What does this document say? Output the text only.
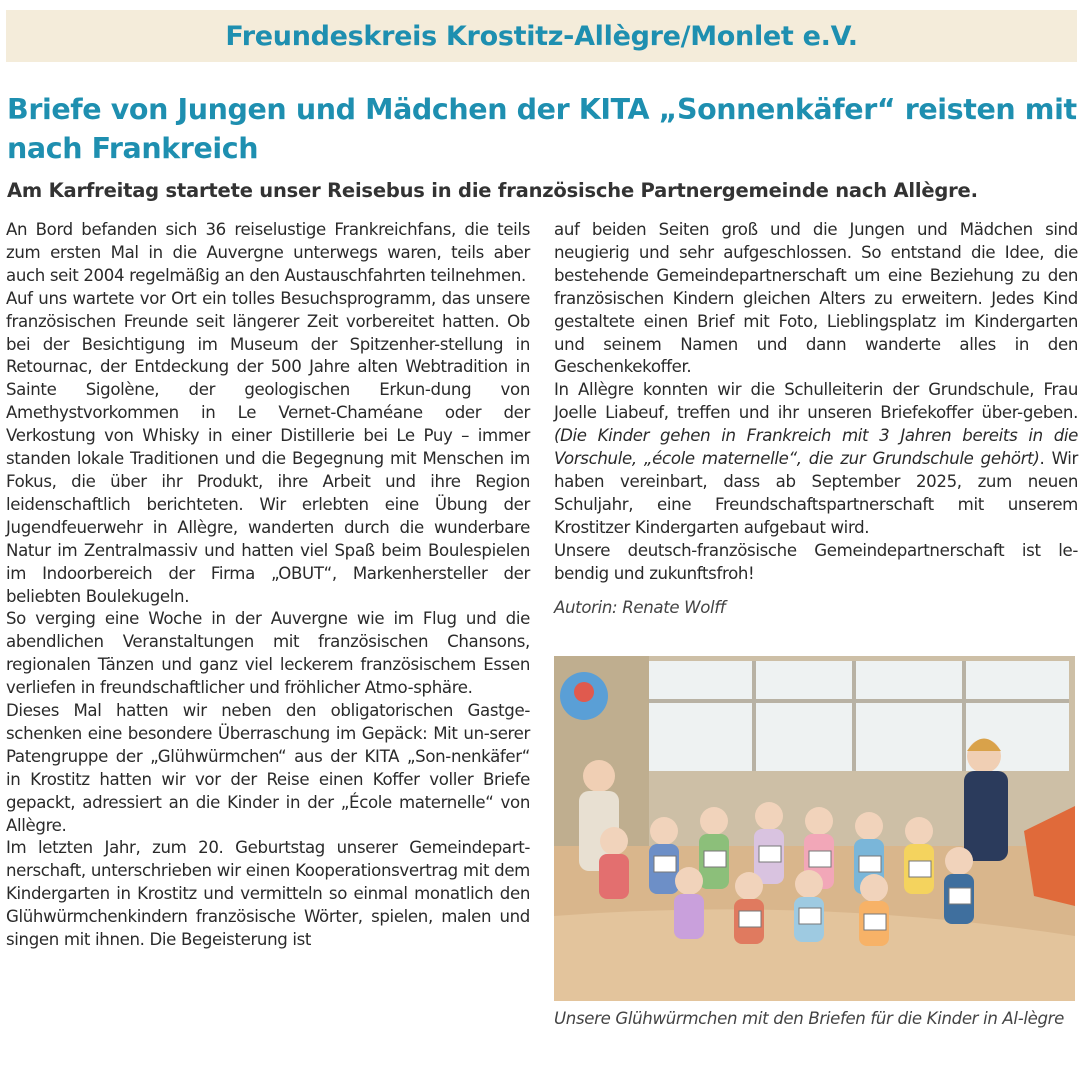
Freundeskreis Krostitz-Allègre/Monlet e.V.
Briefe von Jungen und Mädchen der KITA „Sonnenkäfer“ reisten mit nach Frankreich
Am Karfreitag startete unser Reisebus in die französische Partnergemeinde nach Allègre.

An Bord befanden sich 36 reiselustige Frankreichfans, die teils zum ersten Mal in die Auvergne unterwegs waren, teils aber auch seit 2004 regelmäßig an den Austauschfahrten teilnehmen.

Auf uns wartete vor Ort ein tolles Besuchsprogramm, das unsere französischen Freunde seit längerer Zeit vorbereitet hatten. Ob bei der Besichtigung im Museum der Spitzenher-stellung in Retournac, der Entdeckung der 500 Jahre alten Webtradition in Sainte Sigolène, der geologischen Erkun-dung von Amethystvorkommen in Le Vernet-Chaméane oder der Verkostung von Whisky in einer Distillerie bei Le Puy – immer standen lokale Traditionen und die Begegnung mit Menschen im Fokus, die über ihr Produkt, ihre Arbeit und ihre Region leidenschaftlich berichteten. Wir erlebten eine Übung der Jugendfeuerwehr in Allègre, wanderten durch die wunderbare Natur im Zentralmassiv und hatten viel Spaß beim Boulespielen im Indoorbereich der Firma „OBUT“, Markenhersteller der beliebten Boulekugeln.

So verging eine Woche in der Auvergne wie im Flug und die abendlichen Veranstaltungen mit französischen Chansons, regionalen Tänzen und ganz viel leckerem französischem Essen verliefen in freundschaftlicher und fröhlicher Atmo-sphäre.

Dieses Mal hatten wir neben den obligatorischen Gastge-schenken eine besondere Überraschung im Gepäck: Mit un-serer Patengruppe der „Glühwürmchen“ aus der KITA „Son-nenkäfer“ in Krostitz hatten wir vor der Reise einen Koffer voller Briefe gepackt, adressiert an die Kinder in der „École maternelle“ von Allègre.

Im letzten Jahr, zum 20. Geburtstag unserer Gemeindepart-nerschaft, unterschrieben wir einen Kooperationsvertrag mit dem Kindergarten in Krostitz und vermitteln so einmal monatlich den Glühwürmchenkindern französische Wörter, spielen, malen und singen mit ihnen. Die Begeisterung ist

auf beiden Seiten groß und die Jungen und Mädchen sind neugierig und sehr aufgeschlossen. So entstand die Idee, die bestehende Gemeindepartnerschaft um eine Beziehung zu den französischen Kindern gleichen Alters zu erweitern. Jedes Kind gestaltete einen Brief mit Foto, Lieblingsplatz im Kindergarten und seinem Namen und dann wanderte alles in den Geschenkekoffer.

In Allègre konnten wir die Schulleiterin der Grundschule, Frau Joelle Liabeuf, treffen und ihr unseren Briefekoffer über-geben. (Die Kinder gehen in Frankreich mit 3 Jahren bereits in die Vorschule, „école maternelle“, die zur Grundschule gehört). Wir haben vereinbart, dass ab September 2025, zum neuen Schuljahr, eine Freundschaftspartnerschaft mit unserem Krostitzer Kindergarten aufgebaut wird.

Unsere deutsch-französische Gemeindepartnerschaft ist le-bendig und zukunftsfroh!

Autorin: Renate Wolff

Unsere Glühwürmchen mit den Briefen für die Kinder in Al-lègre
